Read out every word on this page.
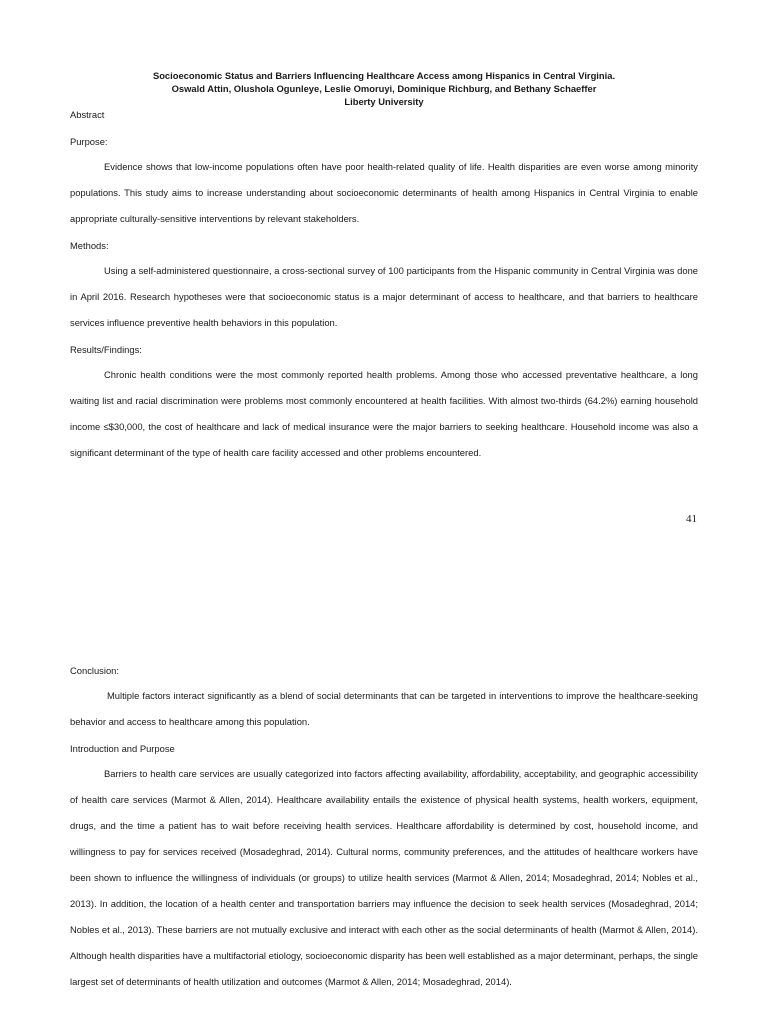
Socioeconomic Status and Barriers Influencing Healthcare Access among Hispanics in Central Virginia.
Oswald Attin, Olushola Ogunleye, Leslie Omoruyi, Dominique Richburg, and Bethany Schaeffer
Liberty University
Abstract
Purpose:
Evidence shows that low-income populations often have poor health-related quality of life. Health disparities are even worse among minority populations. This study aims to increase understanding about socioeconomic determinants of health among Hispanics in Central Virginia to enable appropriate culturally-sensitive interventions by relevant stakeholders.
Methods:
Using a self-administered questionnaire, a cross-sectional survey of 100 participants from the Hispanic community in Central Virginia was done in April 2016. Research hypotheses were that socioeconomic status is a major determinant of access to healthcare, and that barriers to healthcare services influence preventive health behaviors in this population.
Results/Findings:
Chronic health conditions were the most commonly reported health problems. Among those who accessed preventative healthcare, a long waiting list and racial discrimination were problems most commonly encountered at health facilities. With almost two-thirds (64.2%) earning household income ≤$30,000, the cost of healthcare and lack of medical insurance were the major barriers to seeking healthcare. Household income was also a significant determinant of the type of health care facility accessed and other problems encountered.
41
Conclusion:
Multiple factors interact significantly as a blend of social determinants that can be targeted in interventions to improve the healthcare-seeking behavior and access to healthcare among this population.
Introduction and Purpose
Barriers to health care services are usually categorized into factors affecting availability, affordability, acceptability, and geographic accessibility of health care services (Marmot & Allen, 2014). Healthcare availability entails the existence of physical health systems, health workers, equipment, drugs, and the time a patient has to wait before receiving health services. Healthcare affordability is determined by cost, household income, and willingness to pay for services received (Mosadeghrad, 2014). Cultural norms, community preferences, and the attitudes of healthcare workers have been shown to influence the willingness of individuals (or groups) to utilize health services (Marmot & Allen, 2014; Mosadeghrad, 2014; Nobles et al., 2013). In addition, the location of a health center and transportation barriers may influence the decision to seek health services (Mosadeghrad, 2014; Nobles et al., 2013). These barriers are not mutually exclusive and interact with each other as the social determinants of health (Marmot & Allen, 2014). Although health disparities have a multifactorial etiology, socioeconomic disparity has been well established as a major determinant, perhaps, the single largest set of determinants of health utilization and outcomes (Marmot & Allen, 2014; Mosadeghrad, 2014).
